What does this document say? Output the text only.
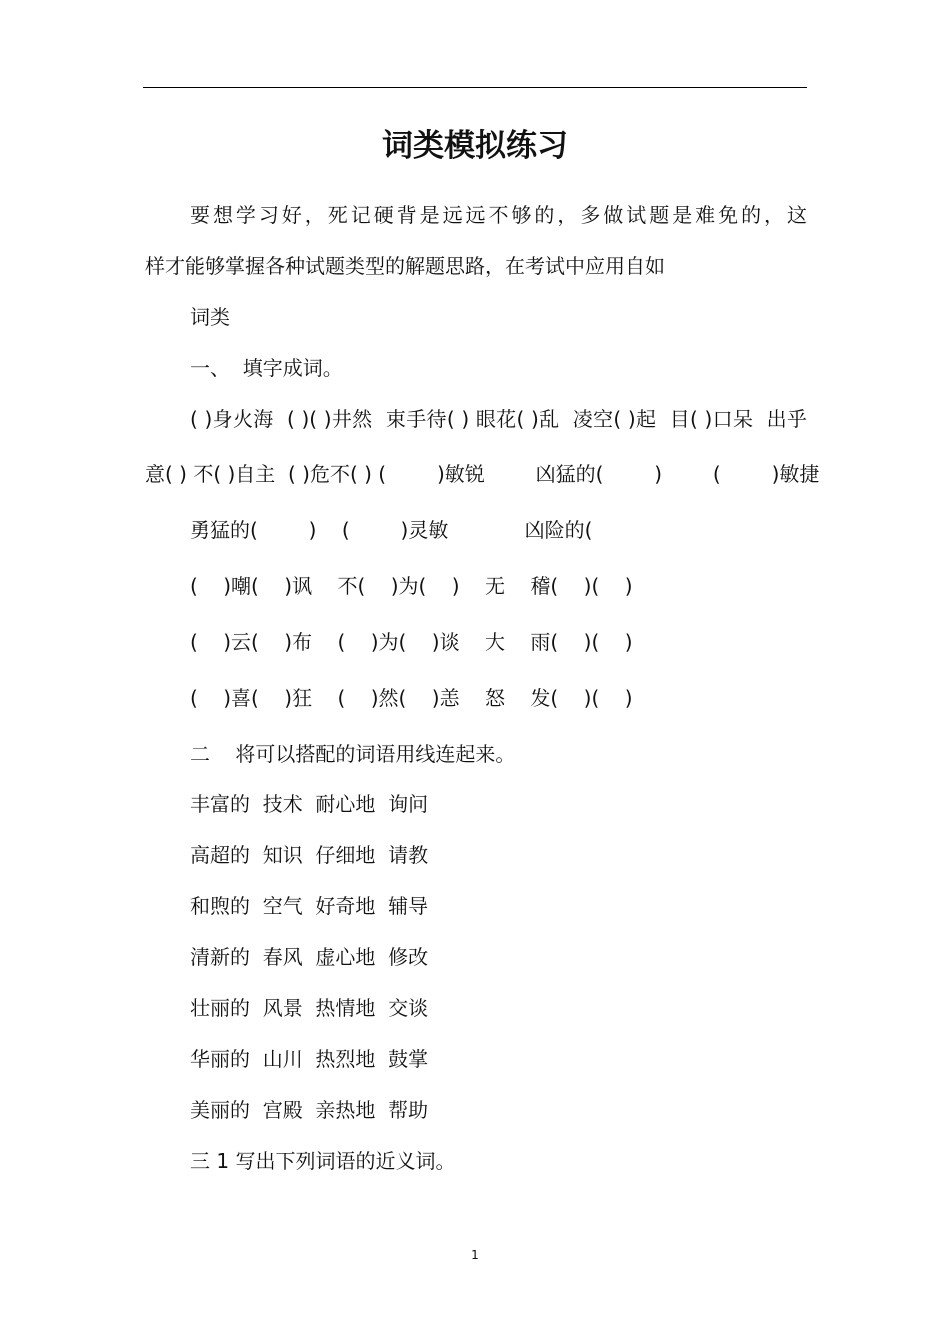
词类模拟练习
要想学习好，死记硬背是远远不够的，多做试题是难免的，这
样才能够掌握各种试题类型的解题思路，在考试中应用自如
词类
一、  填字成词。
( )身火海  ( )( )井然  束手待( ) 眼花( )乱  凌空( )起  目( )口呆  出乎
意( ) 不( )自主  ( )危不( ) (        )敏锐        凶猛的(        )        (        )敏捷
勇猛的(        )    (        )灵敏            凶险的(
(    )嘲(    )讽    不(    )为(    )    无    稽(    )(    )
(    )云(    )布    (    )为(    )谈    大    雨(    )(    )
(    )喜(    )狂    (    )然(    )恙    怒    发(    )(    )
二    将可以搭配的词语用线连起来。
丰富的  技术  耐心地  询问
高超的  知识  仔细地  请教
和煦的  空气  好奇地  辅导
清新的  春风  虚心地  修改
壮丽的  风景  热情地  交谈
华丽的  山川  热烈地  鼓掌
美丽的  宫殿  亲热地  帮助
三 1 写出下列词语的近义词。
1
